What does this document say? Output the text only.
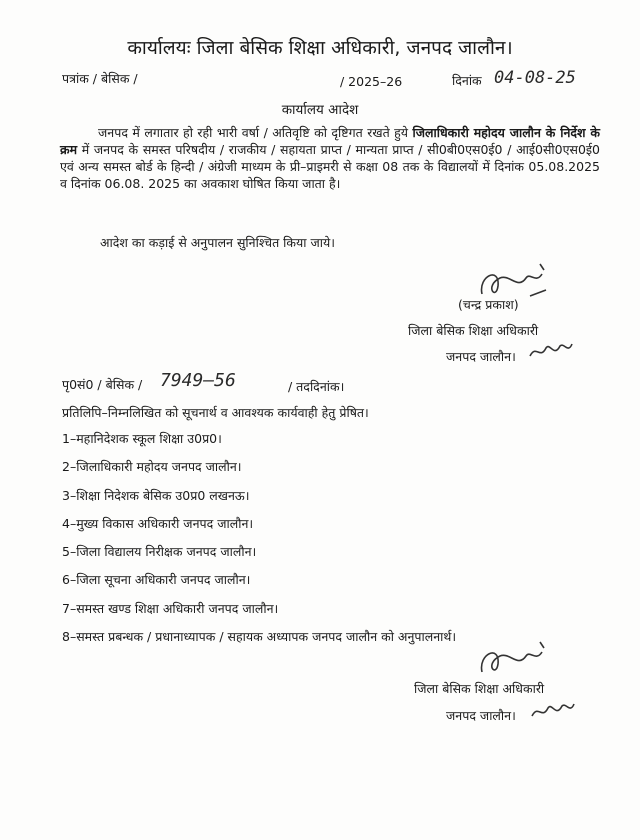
कार्यालयः जिला बेसिक शिक्षा अधिकारी, जनपद जालौन।
पत्रांक / बेसिक /	/ 2025–26	दिनांक 04-08-25
कार्यालय आदेश
जनपद में लगातार हो रही भारी वर्षा / अतिवृष्टि को दृष्टिगत रखते हुये जिलाधिकारी महोदय जालौन के निर्देश के क्रम में जनपद के समस्त परिषदीय / राजकीय / सहायता प्राप्त / मान्यता प्राप्त / सी0बी0एस0ई0 / आई0सी0एस0ई0 एवं अन्य समस्त बोर्ड के हिन्दी / अंग्रेजी माध्यम के प्री–प्राइमरी से कक्षा 08 तक के विद्यालयों में दिनांक 05.08.2025 व दिनांक 06.08. 2025 का अवकाश घोषित किया जाता है।
आदेश का कड़ाई से अनुपालन सुनिश्चित किया जाये।
(चन्द्र प्रकाश)
जिला बेसिक शिक्षा अधिकारी
जनपद जालौन।
पृ0सं0 / बेसिक / 7949–56	/ तददिनांक।
प्रतिलिपि–निम्नलिखित को सूचनार्थ व आवश्यक कार्यवाही हेतु प्रेषित।
1–महानिदेशक स्कूल शिक्षा उ0प्र0।
2–जिलाधिकारी महोदय जनपद जालौन।
3–शिक्षा निदेशक बेसिक उ0प्र0 लखनऊ।
4–मुख्य विकास अधिकारी जनपद जालौन।
5–जिला विद्यालय निरीक्षक जनपद जालौन।
6–जिला सूचना अधिकारी जनपद जालौन।
7–समस्त खण्ड शिक्षा अधिकारी जनपद जालौन।
8–समस्त प्रबन्धक / प्रधानाध्यापक / सहायक अध्यापक जनपद जालौन को अनुपालनार्थ।
जिला बेसिक शिक्षा अधिकारी
जनपद जालौन।
